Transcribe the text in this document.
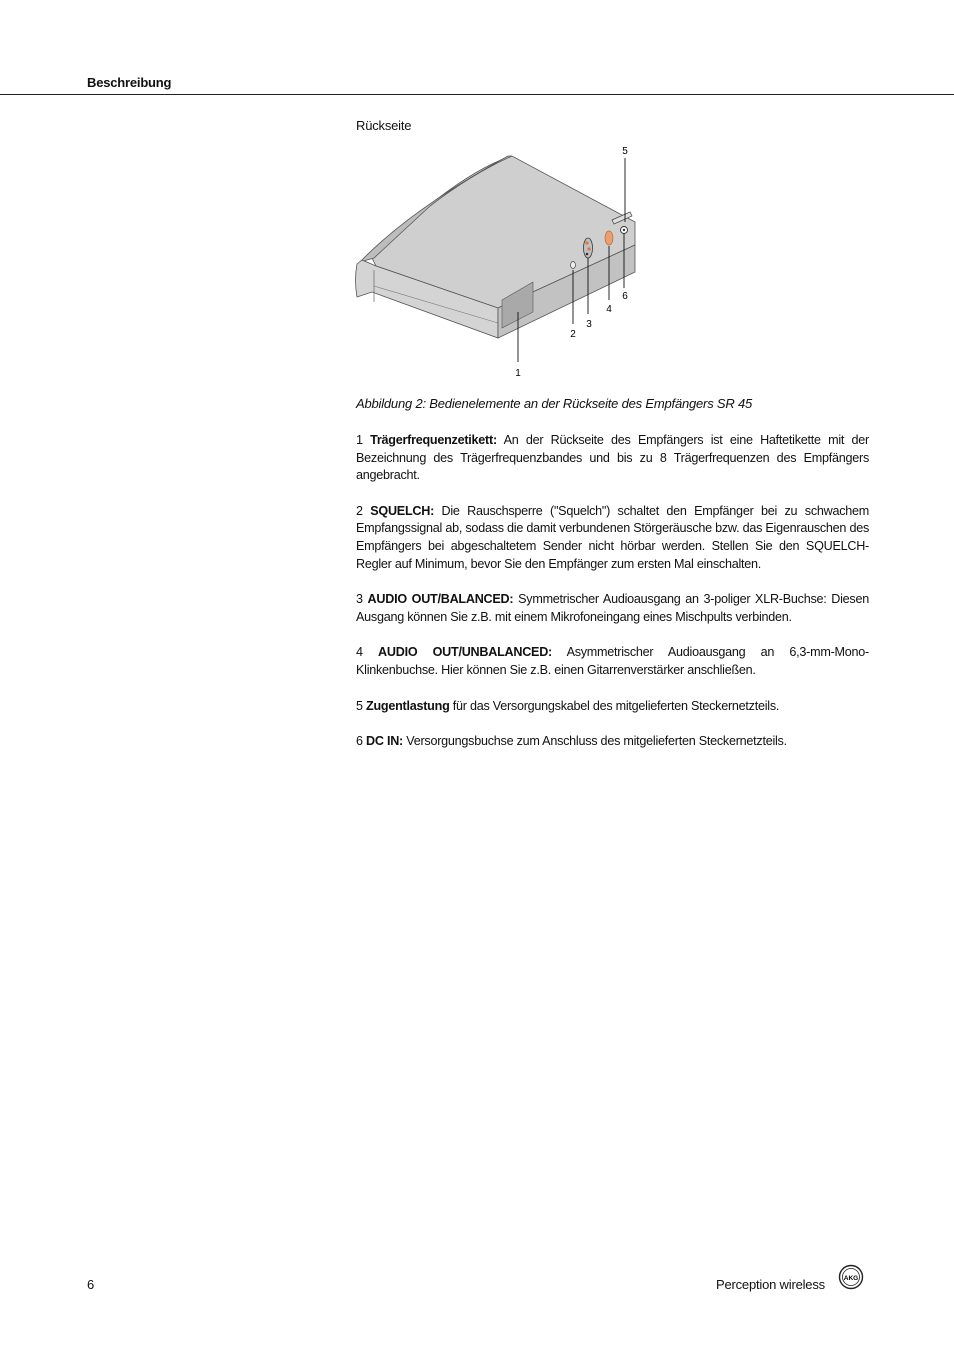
Beschreibung
Rückseite
1
2
3
4
5
6
Abbildung 2: Bedienelemente an der Rückseite des Empfängers SR 45

1 Trägerfrequenzetikett: An der Rückseite des Empfängers ist eine Haftetikette mit der Bezeichnung des Trägerfrequenzbandes und bis zu 8 Trägerfrequenzen des Empfängers angebracht.

2 SQUELCH: Die Rauschsperre ("Squelch") schaltet den Empfänger bei zu schwachem Empfangssignal ab, sodass die damit verbundenen Störgeräusche bzw. das Eigenrauschen des Empfängers bei abgeschaltetem Sender nicht hörbar werden. Stellen Sie den SQUELCH-Regler auf Minimum, bevor Sie den Empfänger zum ersten Mal einschalten.

3 AUDIO OUT/BALANCED: Symmetrischer Audioausgang an 3-poliger XLR-Buchse: Diesen Ausgang können Sie z.B. mit einem Mikrofoneingang eines Mischpults verbinden.

4 AUDIO OUT/UNBALANCED: Asymmetrischer Audioausgang an 6,3-mm-Mono-Klinkenbuchse. Hier können Sie z.B. einen Gitarrenverstärker anschließen.

5 Zugentlastung für das Versorgungskabel des mitgelieferten Steckernetzteils.

6 DC IN: Versorgungsbuchse zum Anschluss des mitgelieferten Steckernetzteils.

6	Perception wireless	AKG
